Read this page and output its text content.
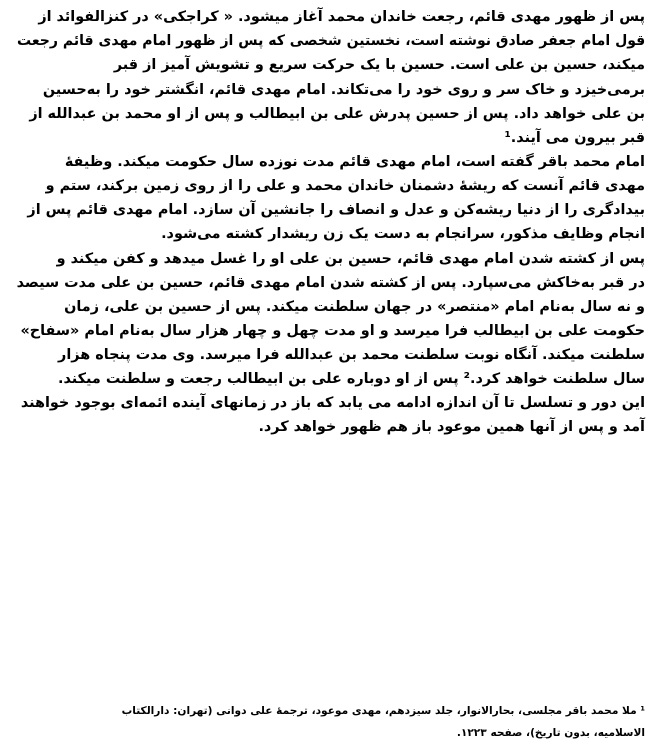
پس از ظهور مهدی قائم، رجعت خاندان محمد آغاز میشود. « کراجکی» در کنزالفوائد از
قول امام جعفر صادق نوشته است، نخستین شخصی که پس از ظهور امام مهدی قائم رجعت
میکند، حسین بن علی است. حسین با یک حرکت سریع و تشویش آمیز از قبر
برمی‌خیزد و خاک سر و روی خود را می‌تکاند. امام مهدی قائم، انگشتر خود را به‌حسین
بن علی خواهد داد. پس از حسین پدرش علی بن ابیطالب و پس از او محمد بن عبدالله از
قبر بیرون می آیند.¹
امام محمد باقر گفته است، امام مهدی قائم مدت نوزده سال حکومت میکند. وظیفهٔ
مهدی قائم آنست که ریشهٔ دشمنان خاندان محمد و علی را از روی زمین برکند، ستم و
بیدادگری را از دنیا ریشه‌کن و عدل و انصاف را جانشین آن سازد. امام مهدی قائم پس از
انجام وظایف مذکور، سرانجام به دست یک زن ریشدار کشته می‌شود.
پس از کشته شدن امام مهدی قائم، حسین بن علی او را غسل میدهد و کفن میکند و
در قبر به‌خاکش می‌سپارد. پس از کشته شدن امام مهدی قائم، حسین بن علی مدت سیصد
و نه سال به‌نام امام «منتصر» در جهان سلطنت میکند. پس از حسین بن علی، زمان
حکومت علی بن ابیطالب فرا میرسد و او مدت چهل و چهار هزار سال به‌نام امام «سفاح»
سلطنت میکند. آنگاه نوبت سلطنت محمد بن عبدالله فرا میرسد. وی مدت پنجاه هزار
سال سلطنت خواهد کرد.² پس از او دوباره علی بن ابیطالب رجعت و سلطنت میکند.
این دور و تسلسل تا آن اندازه ادامه می یابد که باز در زمانهای آینده ائمه‌ای بوجود خواهند
آمد و پس از آنها همین موعود باز هم ظهور خواهد کرد.
¹ ملا محمد باقر مجلسی، بحارالانوار، جلد سیزدهم، مهدی موعود، ترجمهٔ علی دوانی (تهران: دارالکتاب
الاسلامیه، بدون تاریخ)، صفحه ۱۲۲۳.
